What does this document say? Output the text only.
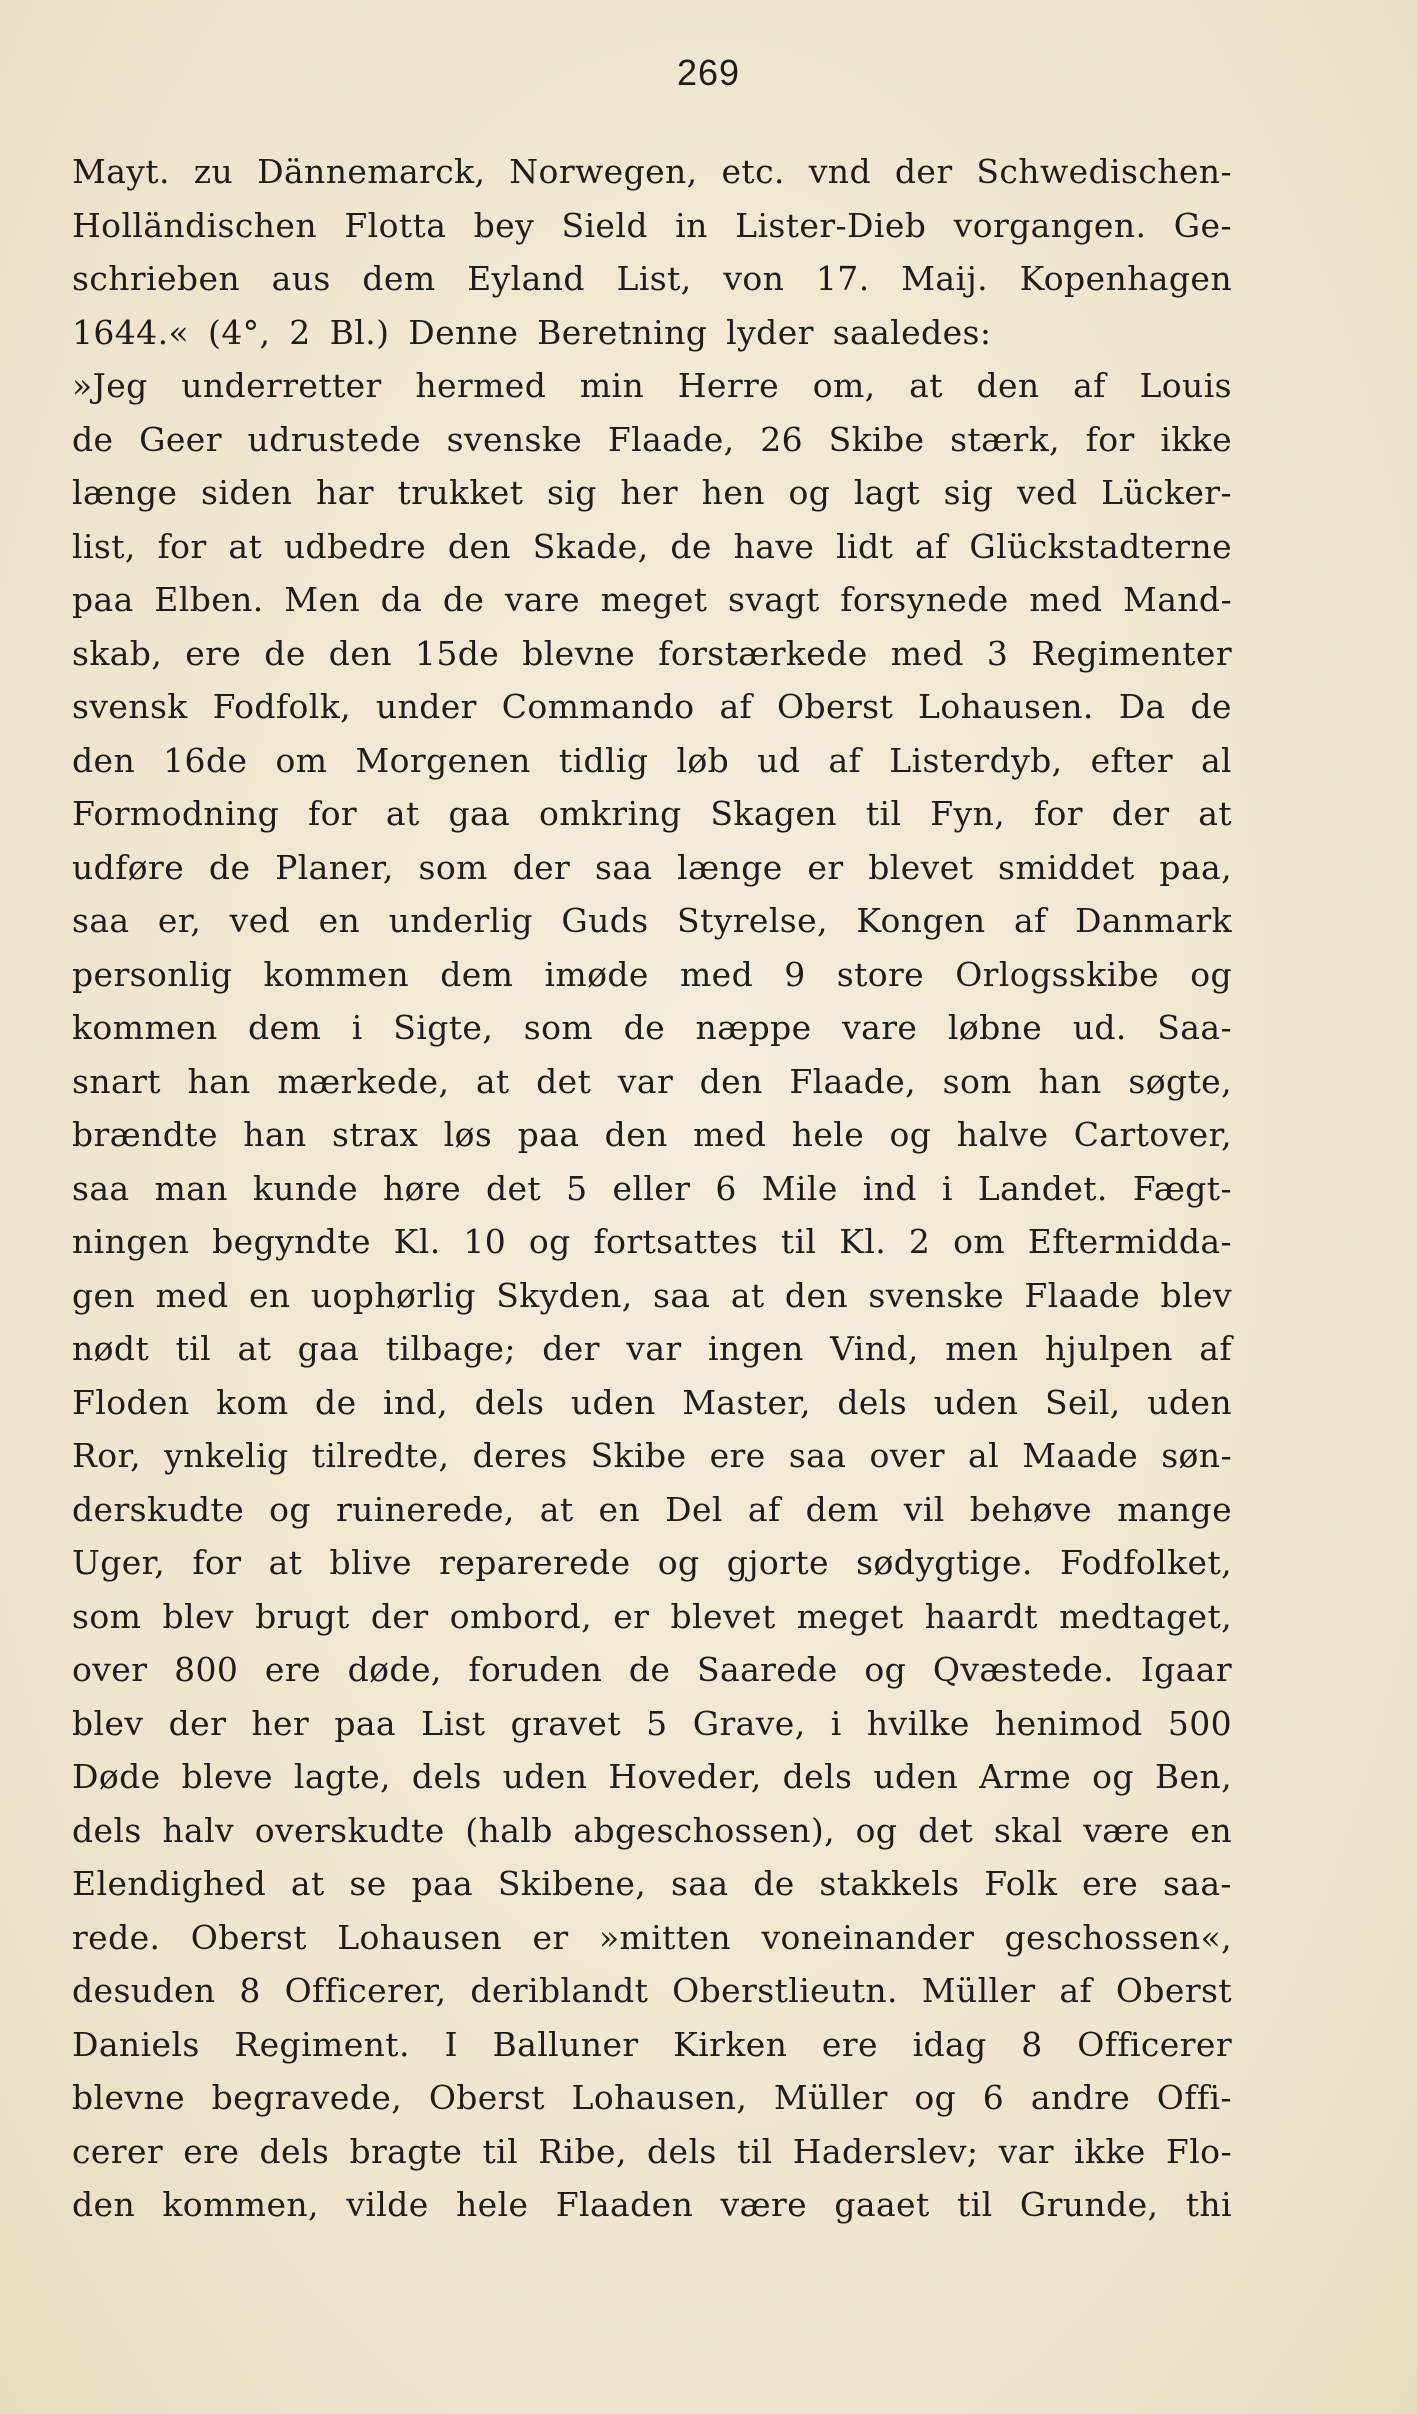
269
Mayt. zu Dännemarck, Norwegen, etc. vnd der Schwedischen-
Holländischen Flotta bey Sield in Lister-Dieb vorgangen. Ge-
schrieben aus dem Eyland List, von 17. Maij. Kopenhagen
1644.« (4°, 2 Bl.) Denne Beretning lyder saaledes:
»Jeg underretter hermed min Herre om, at den af Louis
de Geer udrustede svenske Flaade, 26 Skibe stærk, for ikke
længe siden har trukket sig her hen og lagt sig ved Lücker-
list, for at udbedre den Skade, de have lidt af Glückstadterne
paa Elben. Men da de vare meget svagt forsynede med Mand-
skab, ere de den 15de blevne forstærkede med 3 Regimenter
svensk Fodfolk, under Commando af Oberst Lohausen. Da de
den 16de om Morgenen tidlig løb ud af Listerdyb, efter al
Formodning for at gaa omkring Skagen til Fyn, for der at
udføre de Planer, som der saa længe er blevet smiddet paa,
saa er, ved en underlig Guds Styrelse, Kongen af Danmark
personlig kommen dem imøde med 9 store Orlogsskibe og
kommen dem i Sigte, som de næppe vare løbne ud. Saa-
snart han mærkede, at det var den Flaade, som han søgte,
brændte han strax løs paa den med hele og halve Cartover,
saa man kunde høre det 5 eller 6 Mile ind i Landet. Fægt-
ningen begyndte Kl. 10 og fortsattes til Kl. 2 om Eftermidda-
gen med en uophørlig Skyden, saa at den svenske Flaade blev
nødt til at gaa tilbage; der var ingen Vind, men hjulpen af
Floden kom de ind, dels uden Master, dels uden Seil, uden
Ror, ynkelig tilredte, deres Skibe ere saa over al Maade søn-
derskudte og ruinerede, at en Del af dem vil behøve mange
Uger, for at blive reparerede og gjorte sødygtige. Fodfolket,
som blev brugt der ombord, er blevet meget haardt medtaget,
over 800 ere døde, foruden de Saarede og Qvæstede. Igaar
blev der her paa List gravet 5 Grave, i hvilke henimod 500
Døde bleve lagte, dels uden Hoveder, dels uden Arme og Ben,
dels halv overskudte (halb abgeschossen), og det skal være en
Elendighed at se paa Skibene, saa de stakkels Folk ere saa-
rede. Oberst Lohausen er »mitten voneinander geschossen«,
desuden 8 Officerer, deriblandt Oberstlieutn. Müller af Oberst
Daniels Regiment. I Balluner Kirken ere idag 8 Officerer
blevne begravede, Oberst Lohausen, Müller og 6 andre Offi-
cerer ere dels bragte til Ribe, dels til Haderslev; var ikke Flo-
den kommen, vilde hele Flaaden være gaaet til Grunde, thi
